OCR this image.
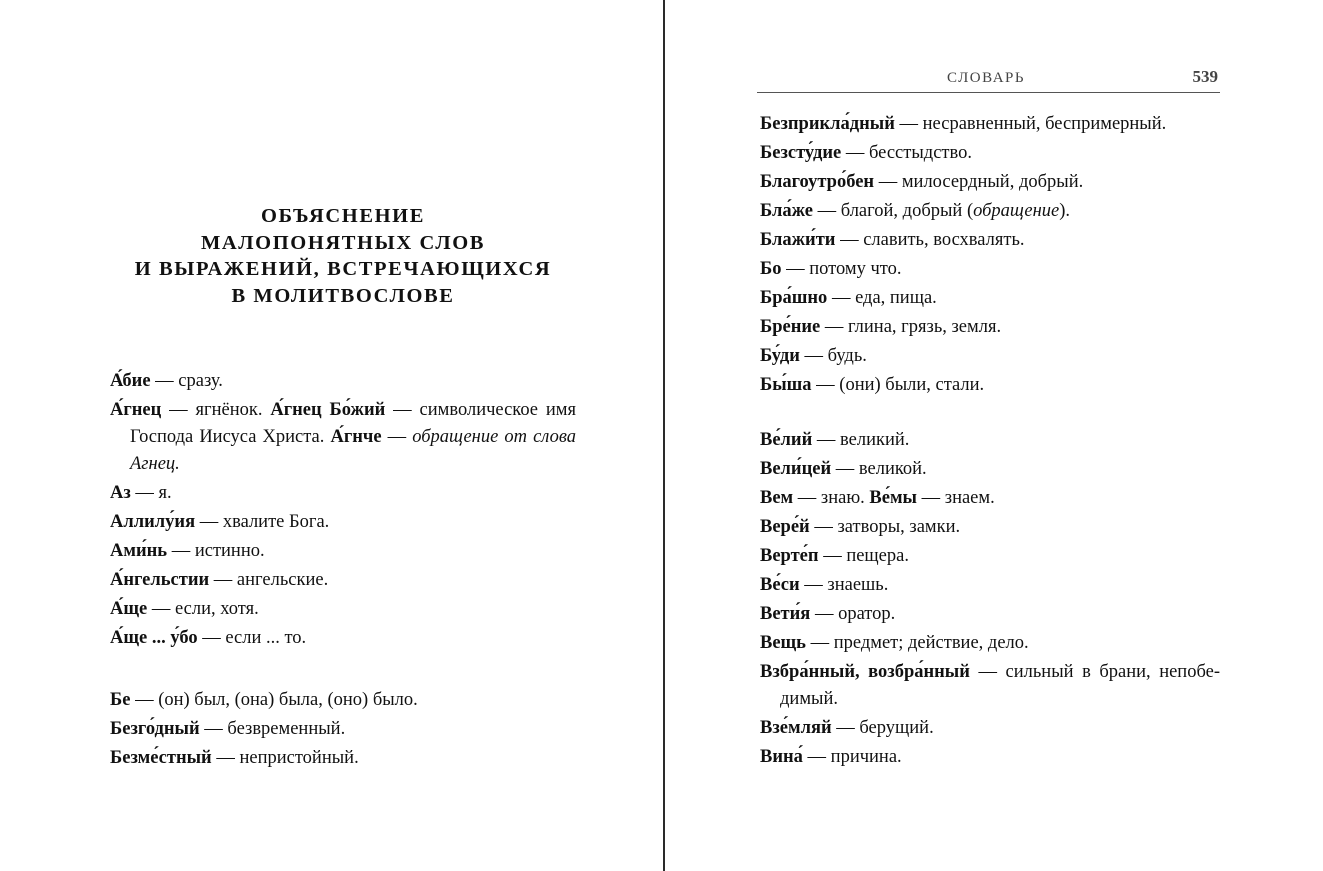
ОБЪЯСНЕНИЕ
МАЛОПОНЯТНЫХ СЛОВ
И ВЫРАЖЕНИЙ, ВСТРЕЧАЮЩИХСЯ
В МОЛИТВОСЛОВЕ
А́бие — сразу.
А́гнец — ягнёнок. А́гнец Бо́жий — символическое имя Господа Иисуса Христа. А́гнче — обращение от слова Агнец.
Аз — я.
Аллилу́ия — хвалите Бога.
Ами́нь — истинно.
А́нгельстии — ангельские.
А́ще — если, хотя.
А́ще ... у́бо — если ... то.
Бе — (он) был, (она) была, (оно) было.
Безго́дный — безвременный.
Безме́стный — непристойный.
СЛОВАРЬ	539
Безприкла́дный — несравненный, беспримерный.
Безсту́дие — бесстыдство.
Благоутро́бен — милосердный, добрый.
Бла́же — благой, добрый (обращение).
Блажи́ти — славить, восхвалять.
Бо — потому что.
Бра́шно — еда, пища.
Бре́ние — глина, грязь, земля.
Бу́ди — будь.
Бы́ша — (они) были, стали.
Ве́лий — великий.
Вели́цей — великой.
Вем — знаю. Ве́мы — знаем.
Вере́й — затворы, замки.
Верте́п — пещера.
Ве́си — знаешь.
Вети́я — оратор.
Вещь — предмет; действие, дело.
Взбра́нный, возбра́нный — сильный в брани, непобе- димый.
Взе́мляй — берущий.
Вина́ — причина.
